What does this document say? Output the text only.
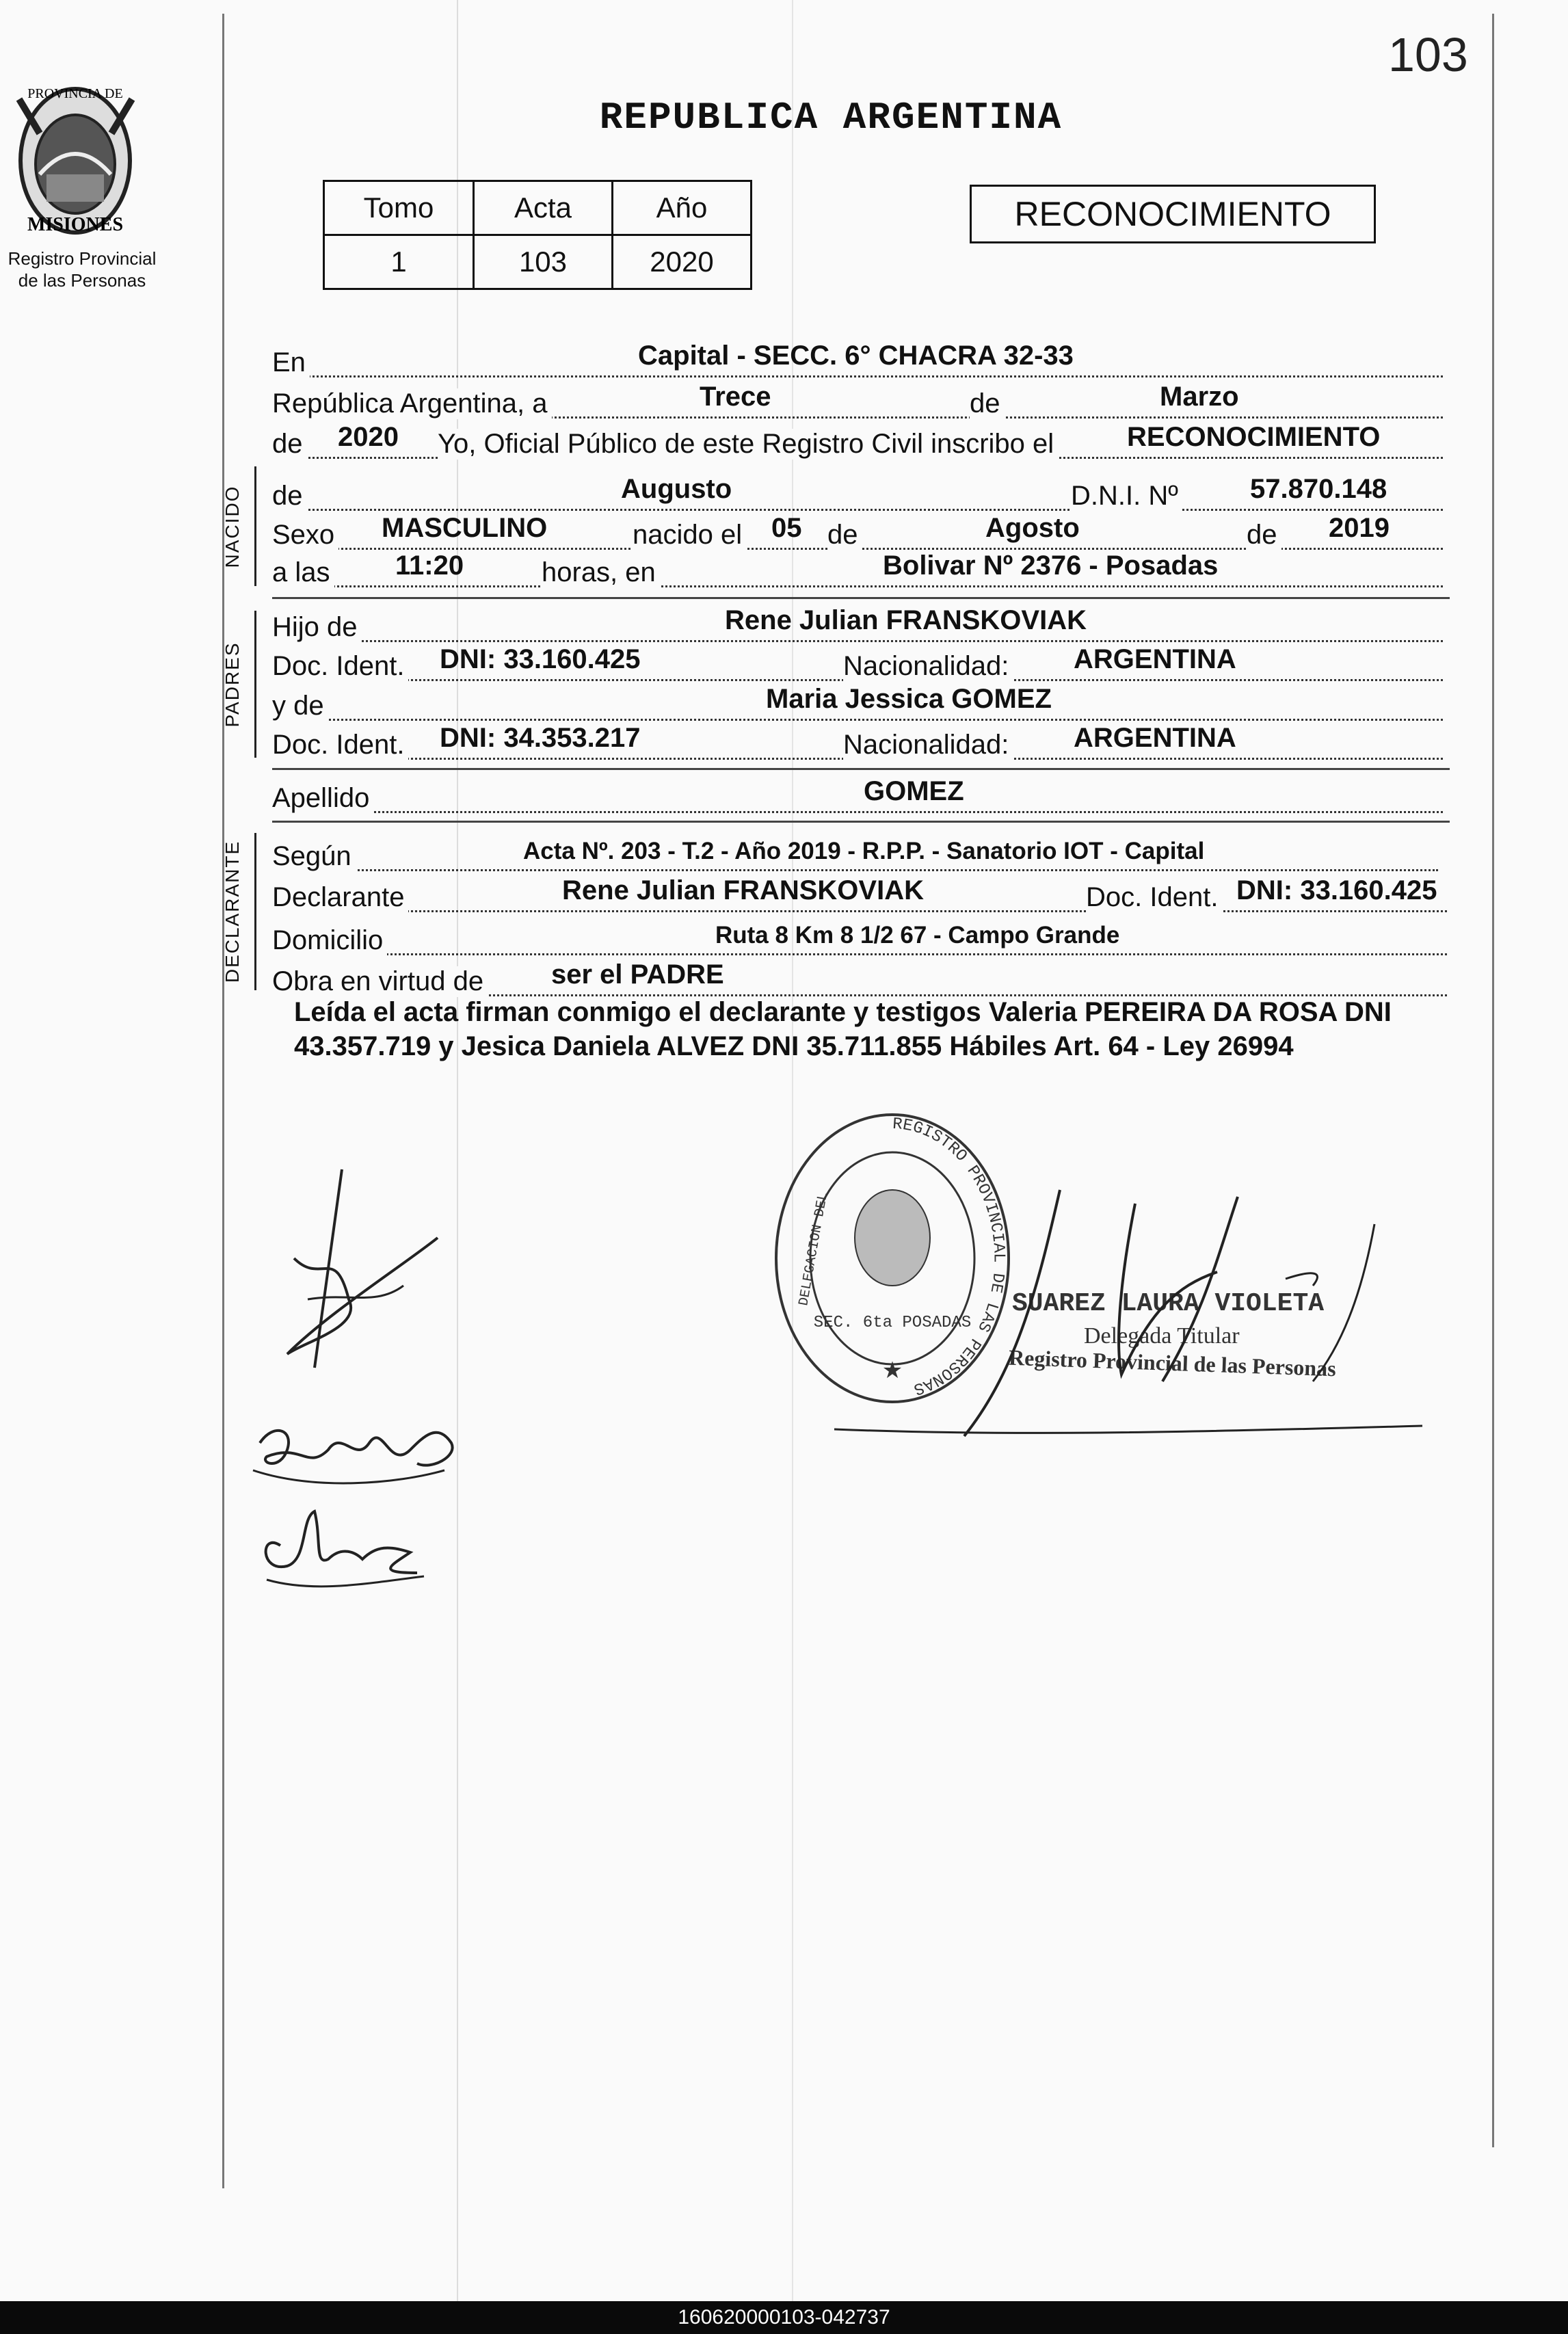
103
PROVINCIA DE
MISIONES
Registro Provincial
de las Personas
REPUBLICA ARGENTINA
Tomo	Acta	Año
1	103	2020
RECONOCIMIENTO
En	Capital - SECC. 6° CHACRA 32-33
República Argentina, a	Trece	de	Marzo
de 2020 Yo, Oficial Público de este Registro Civil inscribo el	RECONOCIMIENTO
NACIDO de	Augusto	D.N.I. Nº	57.870.148
Sexo MASCULINO	nacido el 05 de	Agosto	de 2019
a las 11:20	horas, en	Bolivar Nº 2376 - Posadas
PADRES
Hijo de	Rene Julian FRANSKOVIAK
Doc. Ident. DNI: 33.160.425	Nacionalidad: ARGENTINA
y de	Maria Jessica GOMEZ
Doc. Ident. DNI: 34.353.217	Nacionalidad: ARGENTINA
Apellido	GOMEZ
DECLARANTE Según	Acta Nº. 203 - T.2 - Año 2019 - R.P.P. - Sanatorio IOT - Capital
Declarante	Rene Julian FRANSKOVIAK	Doc. Ident. DNI: 33.160.425
Domicilio	Ruta 8 Km 8 1/2 67 - Campo Grande
Obra en virtud de ser el PADRE
Leída el acta firman conmigo el declarante y testigos Valeria PEREIRA DA ROSA DNI 43.357.719 y Jesica Daniela ALVEZ DNI 35.711.855 Hábiles Art. 64 - Ley 26994
REGISTRO PROVINCIAL DE LAS PERSONAS
SEC. 6ta POSADAS
DELEGACION DEL
★
SUAREZ LAURA VIOLETA
Delegada Titular
Registro Provincial de las Personas
160620000103-042737
